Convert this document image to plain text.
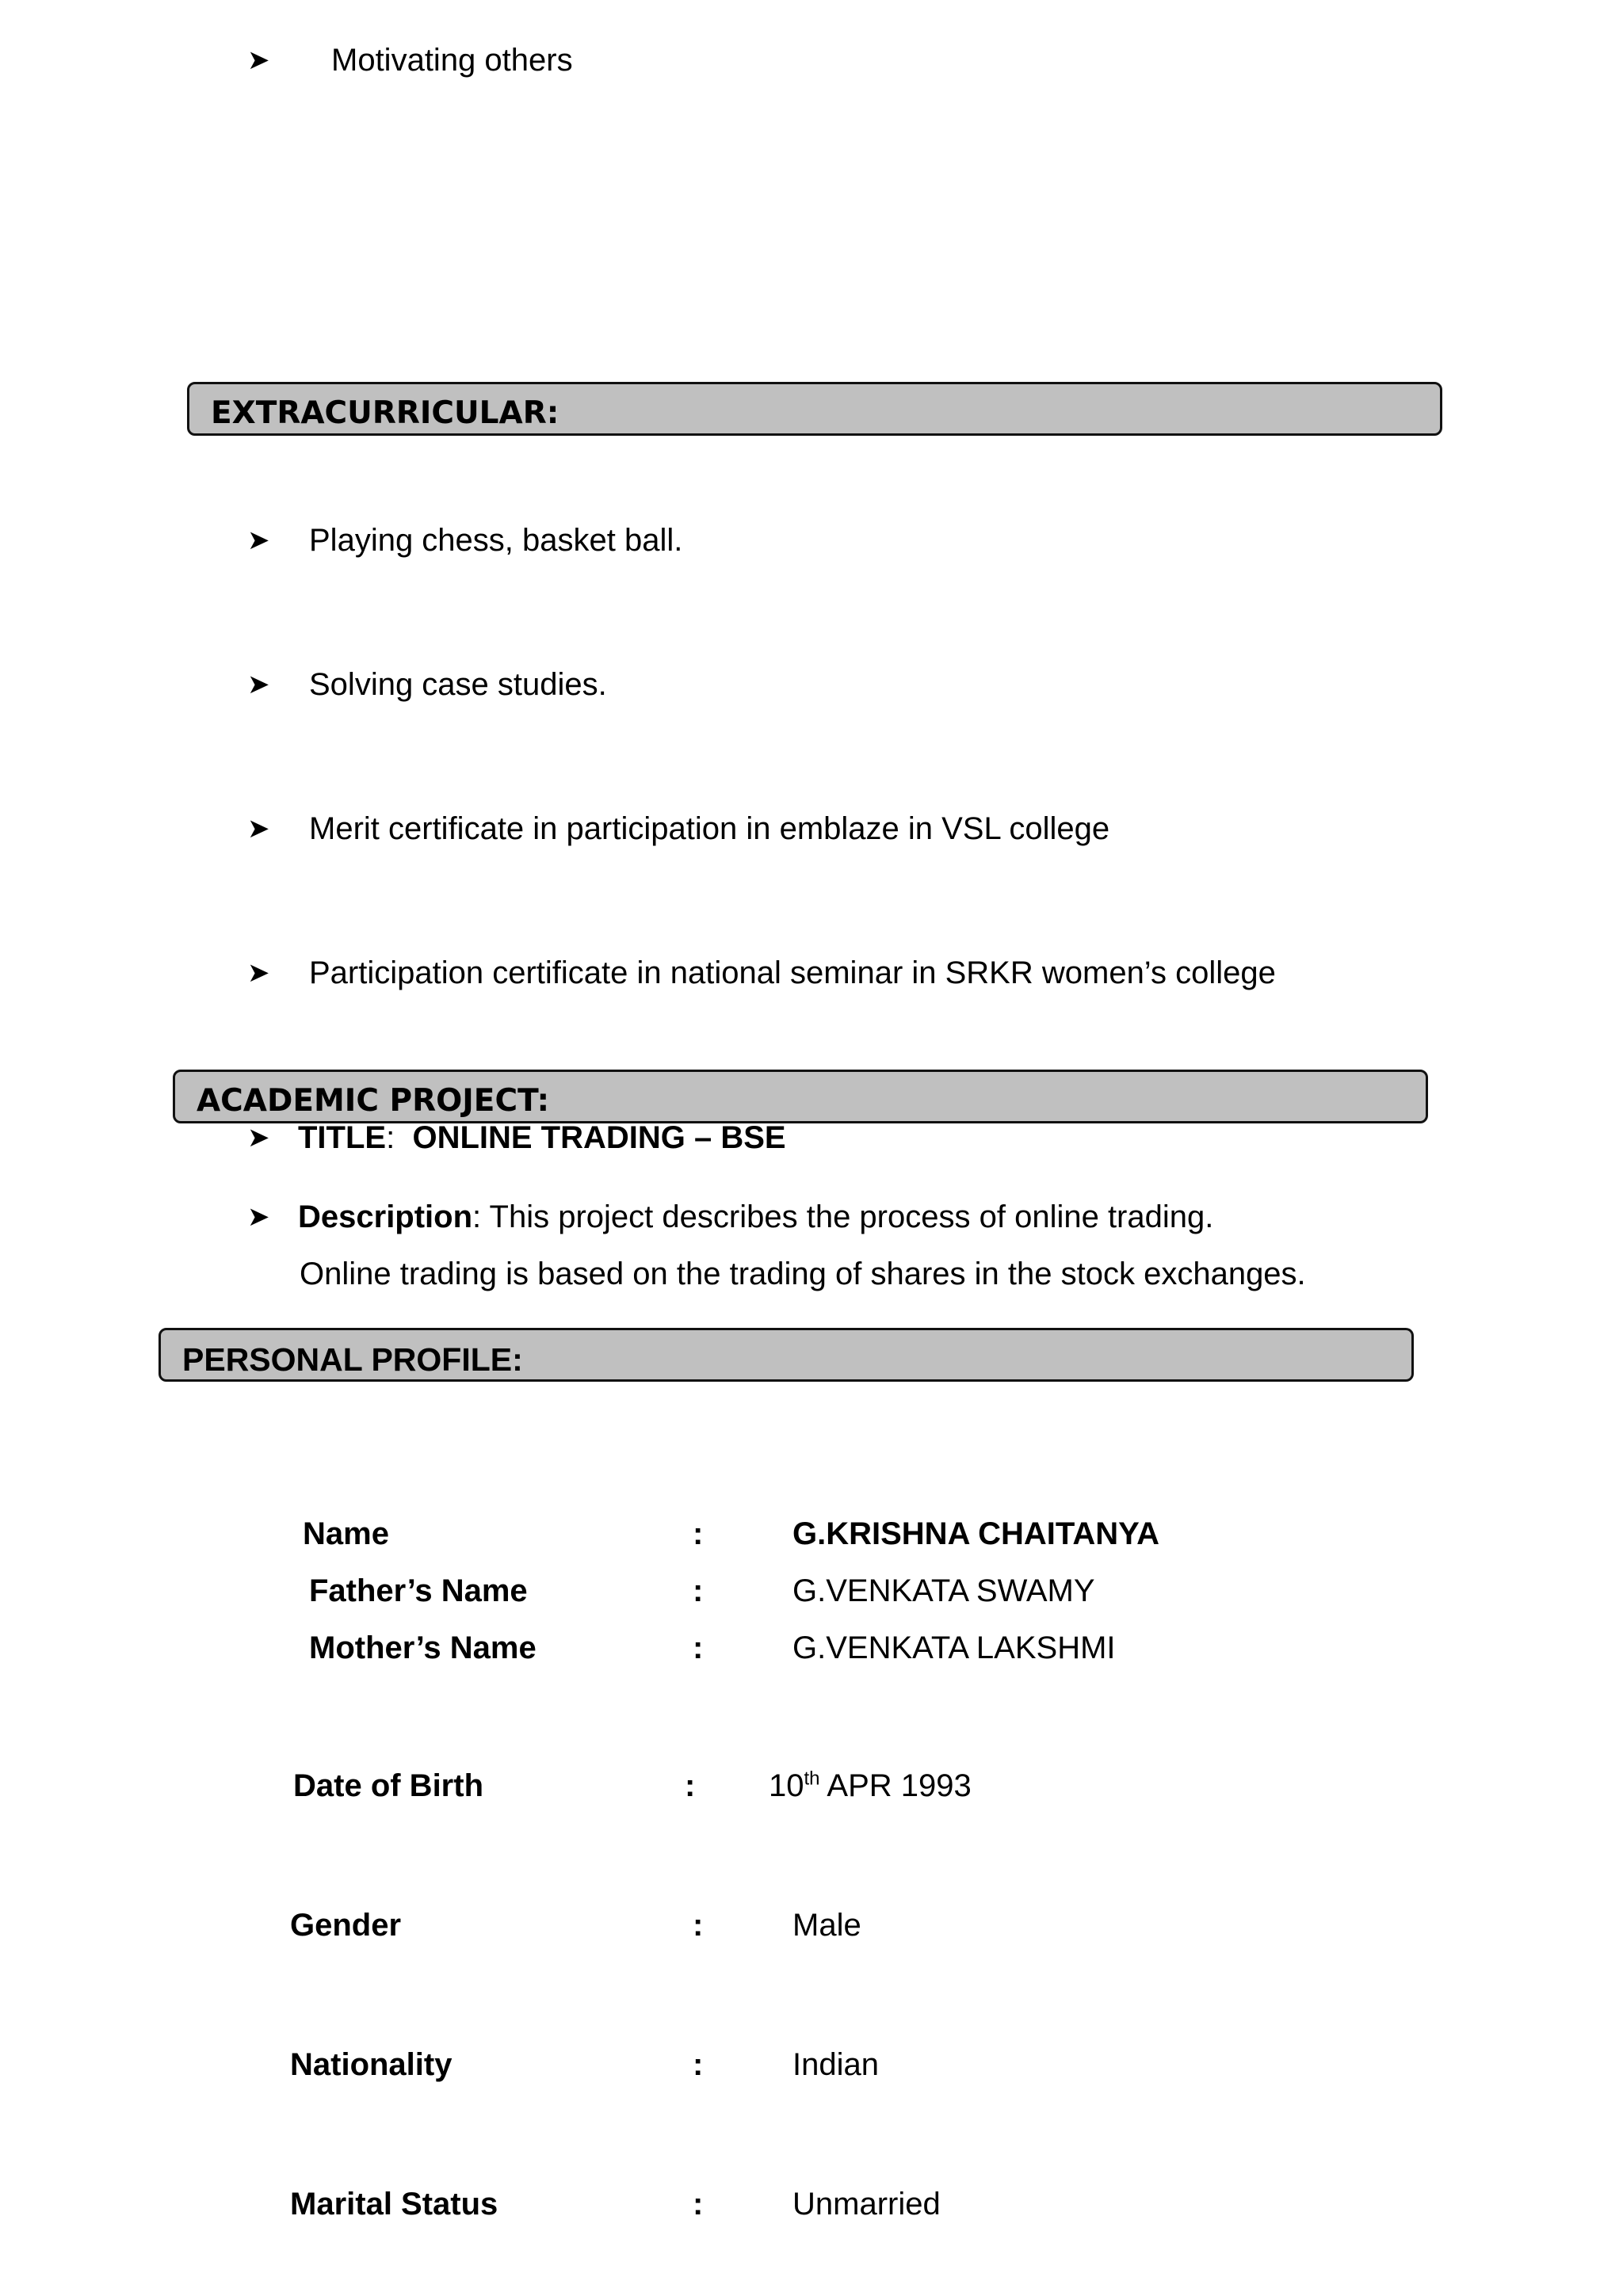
➤ Motivating others
EXTRACURRICULAR:
➤ Playing chess, basket ball.
➤ Solving case studies.
➤ Merit certificate in participation in emblaze in VSL college
➤ Participation certificate in national seminar in SRKR women’s college
ACADEMIC PROJECT:
➤ TITLE: ONLINE TRADING – BSE
➤ Description: This project describes the process of online trading.
Online trading is based on the trading of shares in the stock exchanges.
PERSONAL PROFILE:
Name	:	G.KRISHNA CHAITANYA
Father’s Name	:	G.VENKATA SWAMY
Mother’s Name	:	G.VENKATA LAKSHMI
Date of Birth	: 10th APR 1993
Gender	:	Male
Nationality	:	Indian
Marital Status	:	Unmarried
